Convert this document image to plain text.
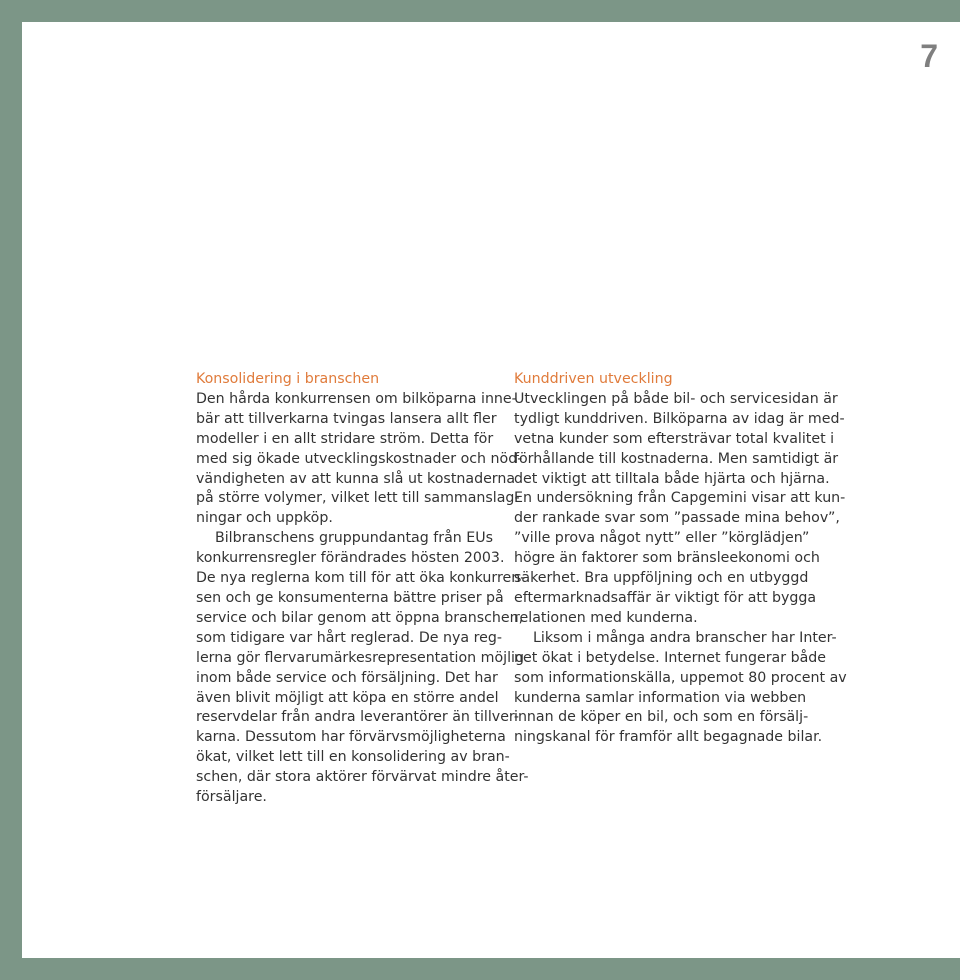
7
Konsolidering i branschen
Den hårda konkurrensen om bilköparna inne-
bär att tillverkarna tvingas lansera allt fler
modeller i en allt stridare ström. Detta för
med sig ökade utvecklingskostnader och nöd-
vändigheten av att kunna slå ut kostnaderna
på större volymer, vilket lett till sammanslag-
ningar och uppköp.
Bilbranschens gruppundantag från EUs
konkurrensregler förändrades hösten 2003.
De nya reglerna kom till för att öka konkurren-
sen och ge konsumenterna bättre priser på
service och bilar genom att öppna branschen,
som tidigare var hårt reglerad. De nya reg-
lerna gör flervarumärkesrepresentation möjlig
inom både service och försäljning. Det har
även blivit möjligt att köpa en större andel
reservdelar från andra leverantörer än tillver-
karna. Dessutom har förvärvsmöjligheterna
ökat, vilket lett till en konsolidering av bran-
schen, där stora aktörer förvärvat mindre åter-
försäljare.
Kunddriven utveckling
Utvecklingen på både bil- och servicesidan är
tydligt kunddriven. Bilköparna av idag är med-
vetna kunder som eftersträvar total kvalitet i
förhållande till kostnaderna. Men samtidigt är
det viktigt att tilltala både hjärta och hjärna.
En undersökning från Capgemini visar att kun-
der rankade svar som ”passade mina behov”,
”ville prova något nytt” eller ”körglädjen”
högre än faktorer som bränsleekonomi och
säkerhet. Bra uppföljning och en utbyggd
eftermarknadsaffär är viktigt för att bygga
relationen med kunderna.
Liksom i många andra branscher har Inter-
net ökat i betydelse. Internet fungerar både
som informationskälla, uppemot 80 procent av
kunderna samlar information via webben
innan de köper en bil, och som en försälj-
ningskanal för framför allt begagnade bilar.
